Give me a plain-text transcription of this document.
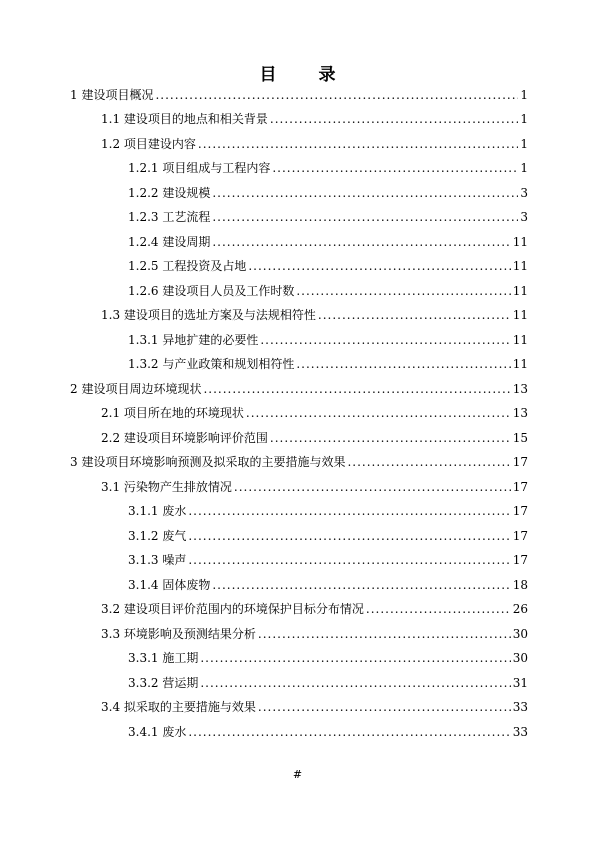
目 录
1 建设项目概况 .....	1
1.1 建设项目的地点和相关背景 .....	1
1.2 项目建设内容 .....	1
1.2.1 项目组成与工程内容 .....	1
1.2.2 建设规模 .....	3
1.2.3 工艺流程 .....	3
1.2.4 建设周期 .....	11
1.2.5 工程投资及占地 .....	11
1.2.6 建设项目人员及工作时数 .....	11
1.3 建设项目的选址方案及与法规相符性 .....	11
1.3.1 异地扩建的必要性 .....	11
1.3.2 与产业政策和规划相符性 .....	11
2 建设项目周边环境现状 .....	13
2.1 项目所在地的环境现状 .....	13
2.2 建设项目环境影响评价范围 .....	15
3 建设项目环境影响预测及拟采取的主要措施与效果 .....	17
3.1 污染物产生排放情况 .....	17
3.1.1 废水 .....	17
3.1.2 废气 .....	17
3.1.3 噪声 .....	17
3.1.4 固体废物 .....	18
3.2 建设项目评价范围内的环境保护目标分布情况 .....	26
3.3 环境影响及预测结果分析 .....	30
3.3.1 施工期 .....	30
3.3.2 营运期 .....	31
3.4 拟采取的主要措施与效果 .....	33
3.4.1 废水 .....	33
#
